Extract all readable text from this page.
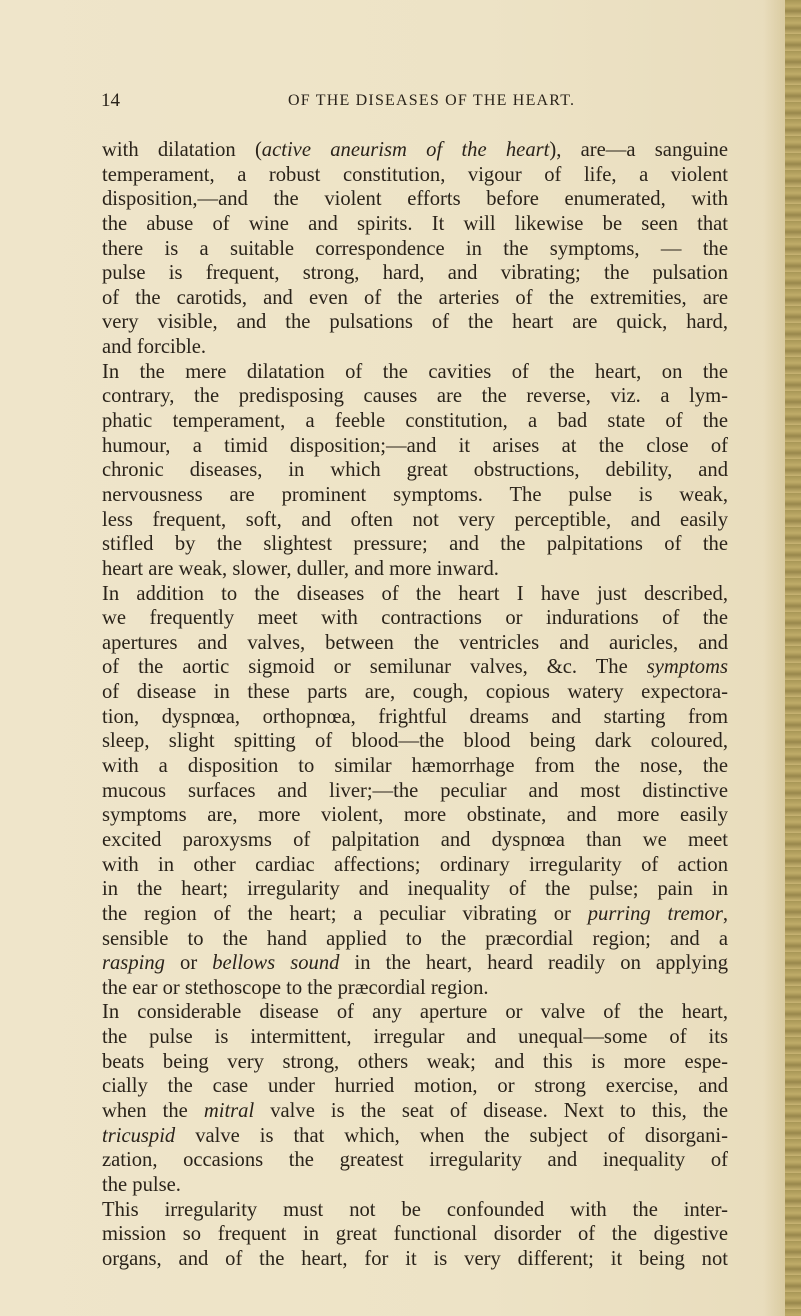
14	OF THE DISEASES OF THE HEART.
with dilatation (active aneurism of the heart), are—a sanguine
temperament, a robust constitution, vigour of life, a violent
disposition,—and the violent efforts before enumerated, with
the abuse of wine and spirits. It will likewise be seen that
there is a suitable correspondence in the symptoms, — the
pulse is frequent, strong, hard, and vibrating; the pulsation
of the carotids, and even of the arteries of the extremities, are
very visible, and the pulsations of the heart are quick, hard,
and forcible.
In the mere dilatation of the cavities of the heart, on the
contrary, the predisposing causes are the reverse, viz. a lym-
phatic temperament, a feeble constitution, a bad state of the
humour, a timid disposition;—and it arises at the close of
chronic diseases, in which great obstructions, debility, and
nervousness are prominent symptoms. The pulse is weak,
less frequent, soft, and often not very perceptible, and easily
stifled by the slightest pressure; and the palpitations of the
heart are weak, slower, duller, and more inward.
In addition to the diseases of the heart I have just described,
we frequently meet with contractions or indurations of the
apertures and valves, between the ventricles and auricles, and
of the aortic sigmoid or semilunar valves, &c. The symptoms
of disease in these parts are, cough, copious watery expectora-
tion, dyspnœa, orthopnœa, frightful dreams and starting from
sleep, slight spitting of blood—the blood being dark coloured,
with a disposition to similar hæmorrhage from the nose, the
mucous surfaces and liver;—the peculiar and most distinctive
symptoms are, more violent, more obstinate, and more easily
excited paroxysms of palpitation and dyspnœa than we meet
with in other cardiac affections; ordinary irregularity of action
in the heart; irregularity and inequality of the pulse; pain in
the region of the heart; a peculiar vibrating or purring tremor,
sensible to the hand applied to the præcordial region; and a
rasping or bellows sound in the heart, heard readily on applying
the ear or stethoscope to the præcordial region.
In considerable disease of any aperture or valve of the heart,
the pulse is intermittent, irregular and unequal—some of its
beats being very strong, others weak; and this is more espe-
cially the case under hurried motion, or strong exercise, and
when the mitral valve is the seat of disease. Next to this, the
tricuspid valve is that which, when the subject of disorgani-
zation, occasions the greatest irregularity and inequality of
the pulse.
This irregularity must not be confounded with the inter-
mission so frequent in great functional disorder of the digestive
organs, and of the heart, for it is very different; it being not
